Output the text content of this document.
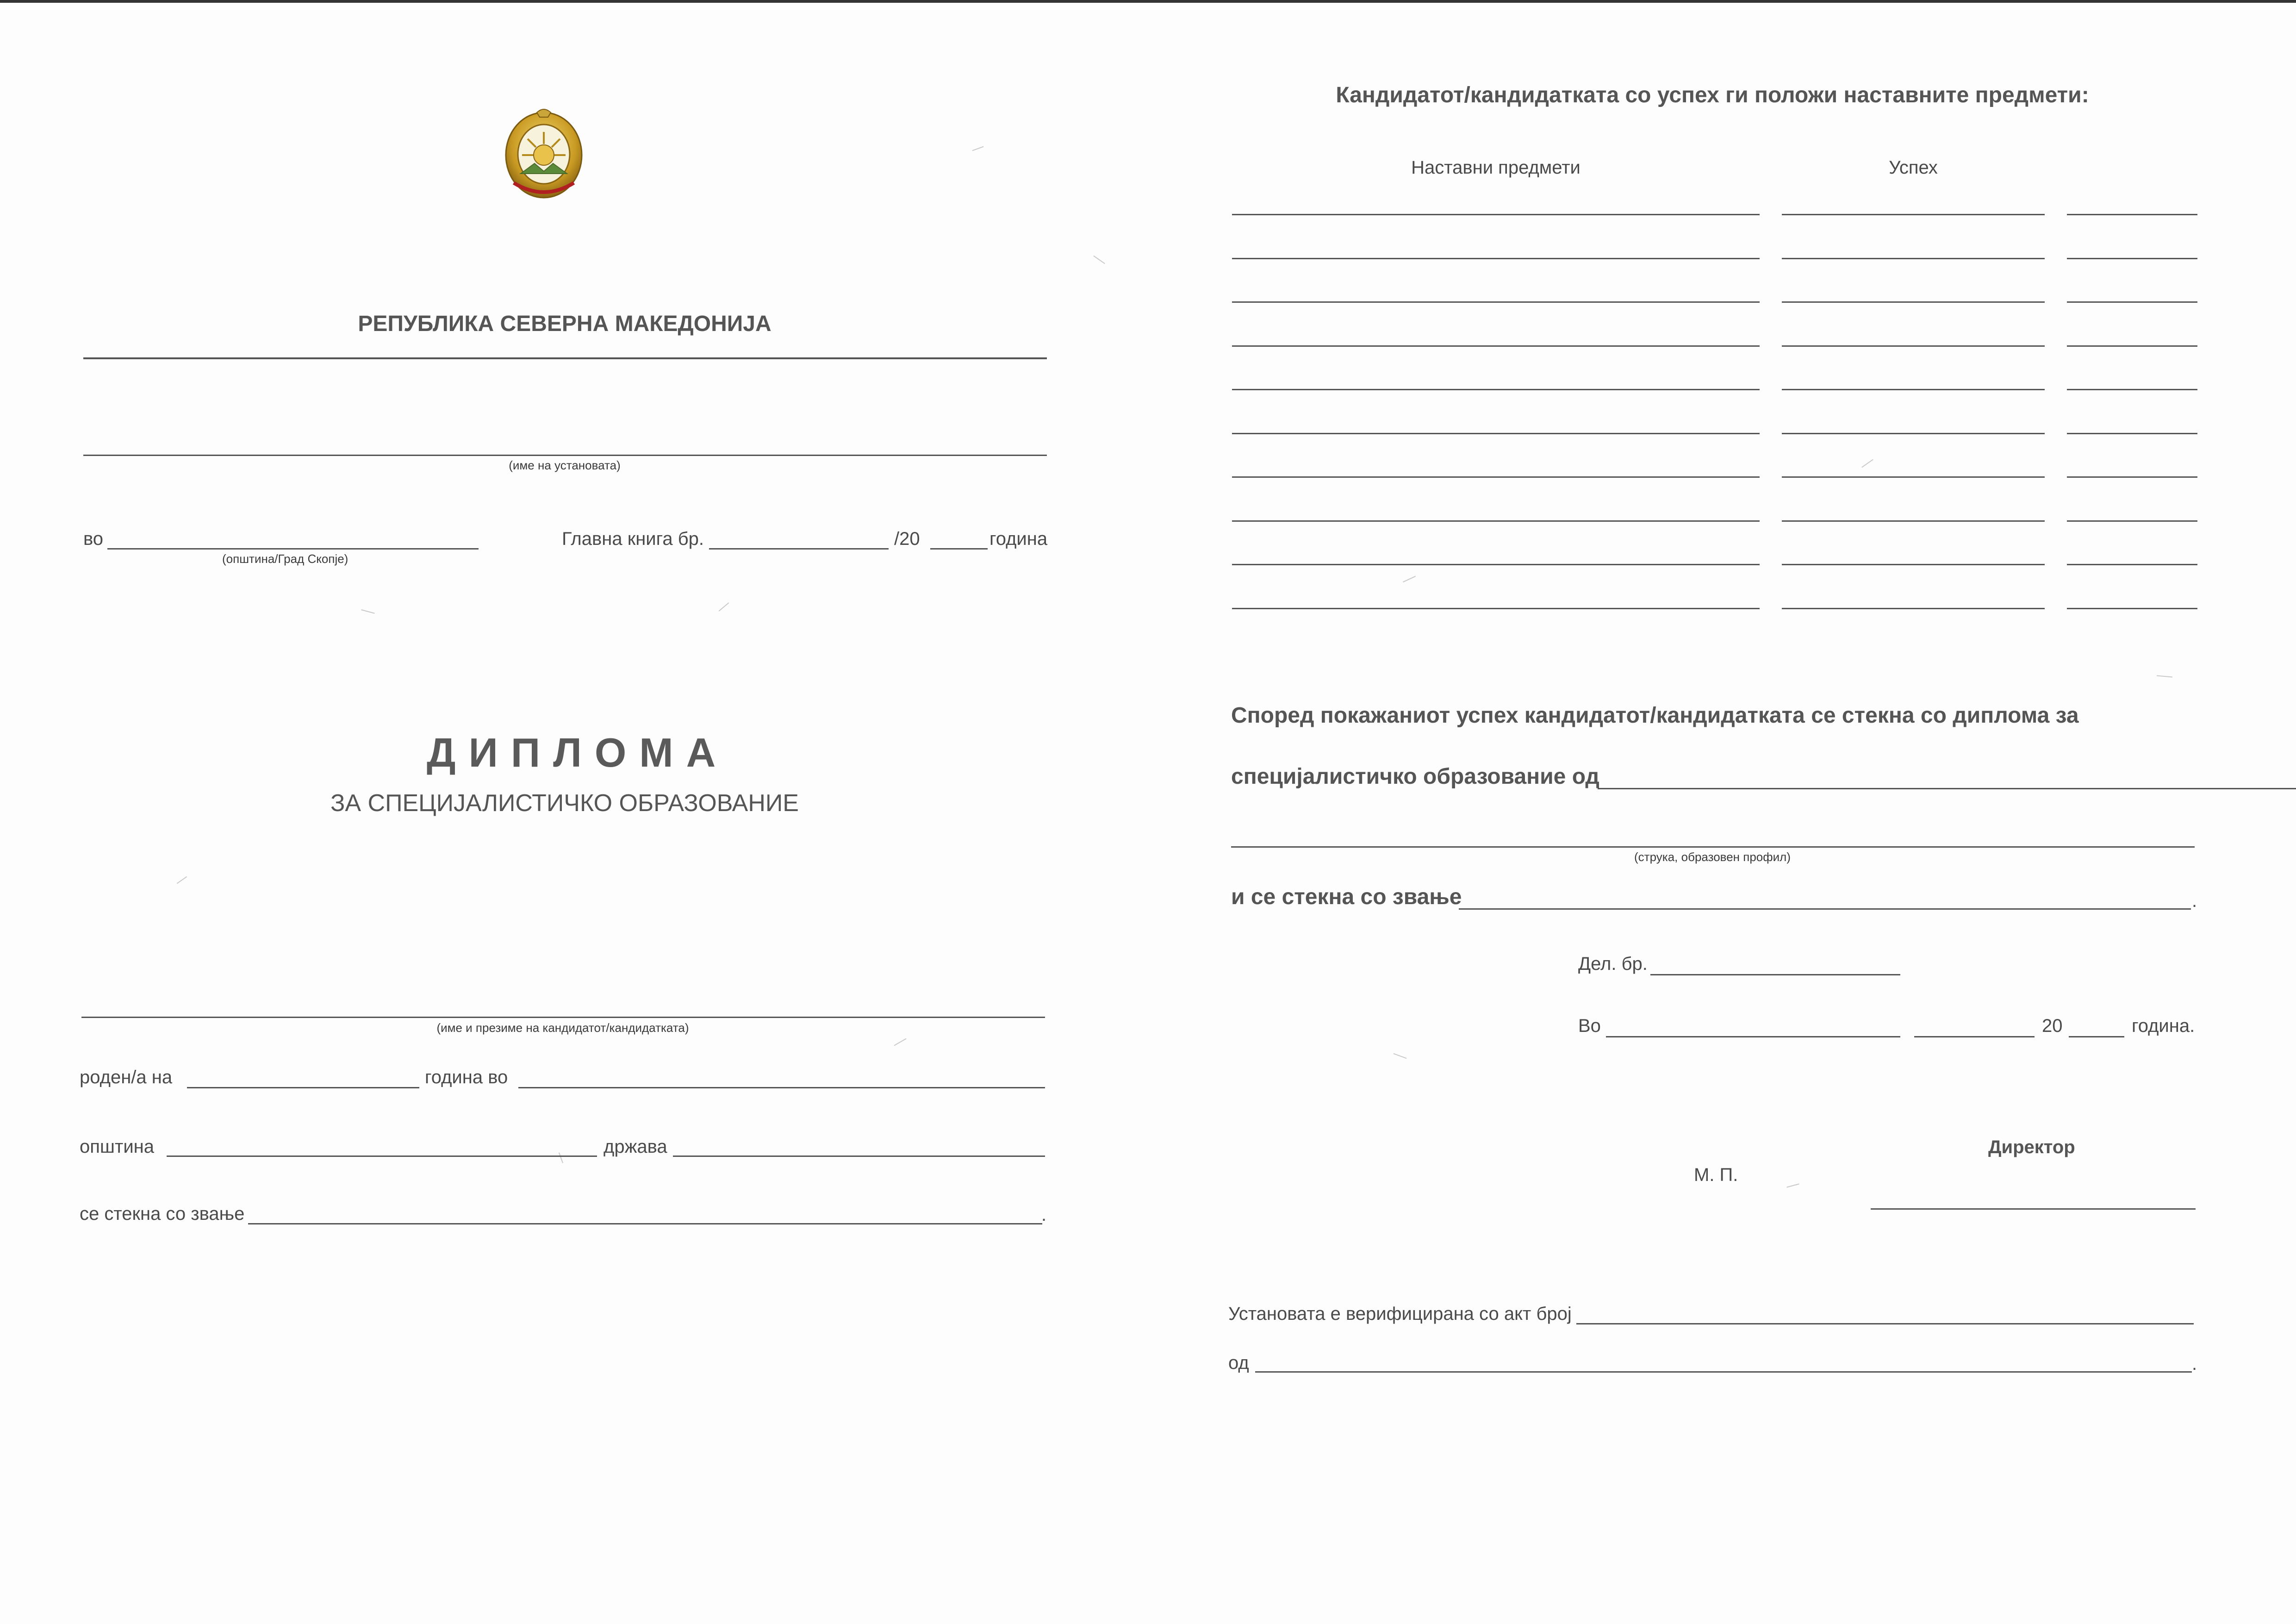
РЕПУБЛИКА СЕВЕРНА МАКЕДОНИЈА
(име на установата)
во
(општина/Град Скопје)
Главна книга бр.	/20	година
ДИПЛОМА
ЗА СПЕЦИЈАЛИСТИЧКО ОБРАЗОВАНИЕ
(име и презиме на кандидатот/кандидатката)
роден/а на	година во
општина	држава
се стекна со звање	.
Кандидатот/кандидатката со успех ги положи наставните предмети:
Наставни предмети	Успех
Според покажаниот успех кандидатот/кандидатката се стекна со диплома за
специјалистичко образование од
(струка, образовен профил)
и се стекна со звање	.
Дел. бр.
Во	20	година.
Директор
М. П.
Установата е верифицирана со акт број
од	.
